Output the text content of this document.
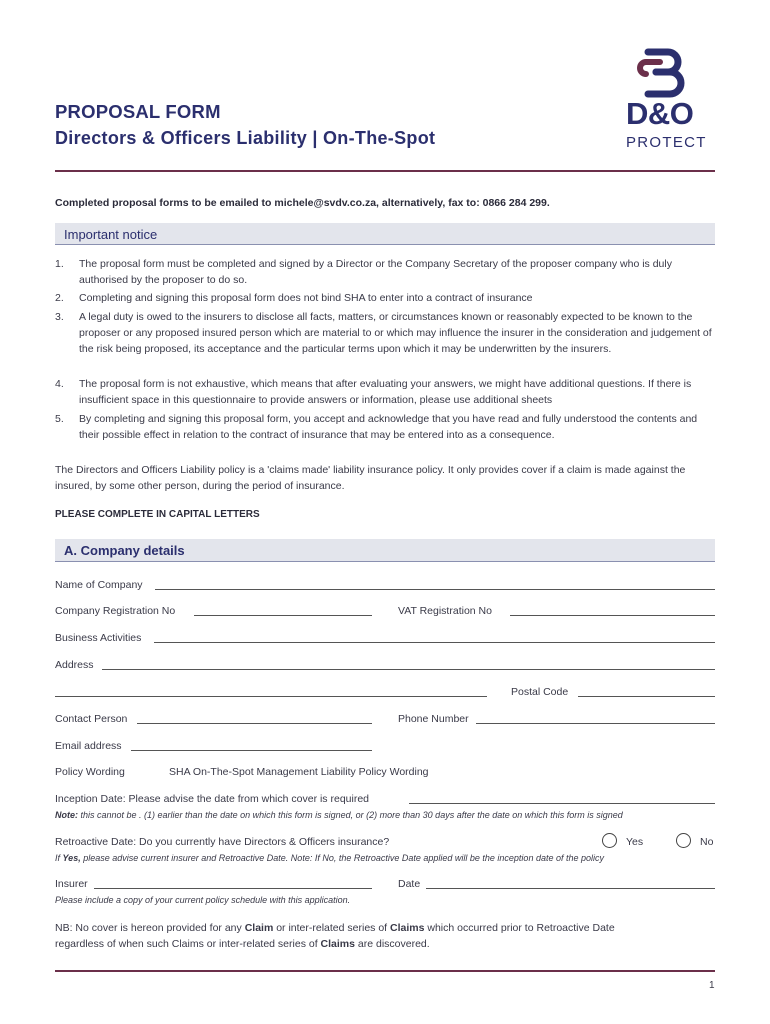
PROPOSAL FORM
Directors & Officers Liability | On-The-Spot
D&O
PROTECT
Completed proposal forms to be emailed to michele@svdv.co.za, alternatively, fax to: 0866 284 299.
Important notice
1. The proposal form must be completed and signed by a Director or the Company Secretary of the proposer company who is duly authorised by the proposer to do so.
2. Completing and signing this proposal form does not bind SHA to enter into a contract of insurance
3. A legal duty is owed to the insurers to disclose all facts, matters, or circumstances known or reasonably expected to be known to the proposer or any proposed insured person which are material to or which may influence the insurer in the consideration and judgement of the risk being proposed, its acceptance and the particular terms upon which it may be underwritten by the insurers.
4. The proposal form is not exhaustive, which means that after evaluating your answers, we might have additional questions. If there is insufficient space in this questionnaire to provide answers or information, please use additional sheets
5. By completing and signing this proposal form, you accept and acknowledge that you have read and fully understood the contents and their possible effect in relation to the contract of insurance that may be entered into as a consequence.
The Directors and Officers Liability policy is a 'claims made' liability insurance policy. It only provides cover if a claim is made against the insured, by some other person, during the period of insurance.
PLEASE COMPLETE IN CAPITAL LETTERS
A. Company details
Name of Company
Company Registration No	VAT Registration No
Business Activities
Address
Postal Code
Contact Person	Phone Number
Email address
Policy Wording	SHA On-The-Spot Management Liability Policy Wording
Inception Date: Please advise the date from which cover is required
Note: this cannot be . (1) earlier than the date on which this form is signed, or (2) more than 30 days after the date on which this form is signed
Retroactive Date: Do you currently have Directors & Officers insurance?	Yes	No
If Yes, please advise current insurer and Retroactive Date. Note: If No, the Retroactive Date applied will be the inception date of the policy
Insurer	Date
Please include a copy of your current policy schedule with this application.
NB: No cover is hereon provided for any Claim or inter-related series of Claims which occurred prior to Retroactive Date
regardless of when such Claims or inter-related series of Claims are discovered.
1
